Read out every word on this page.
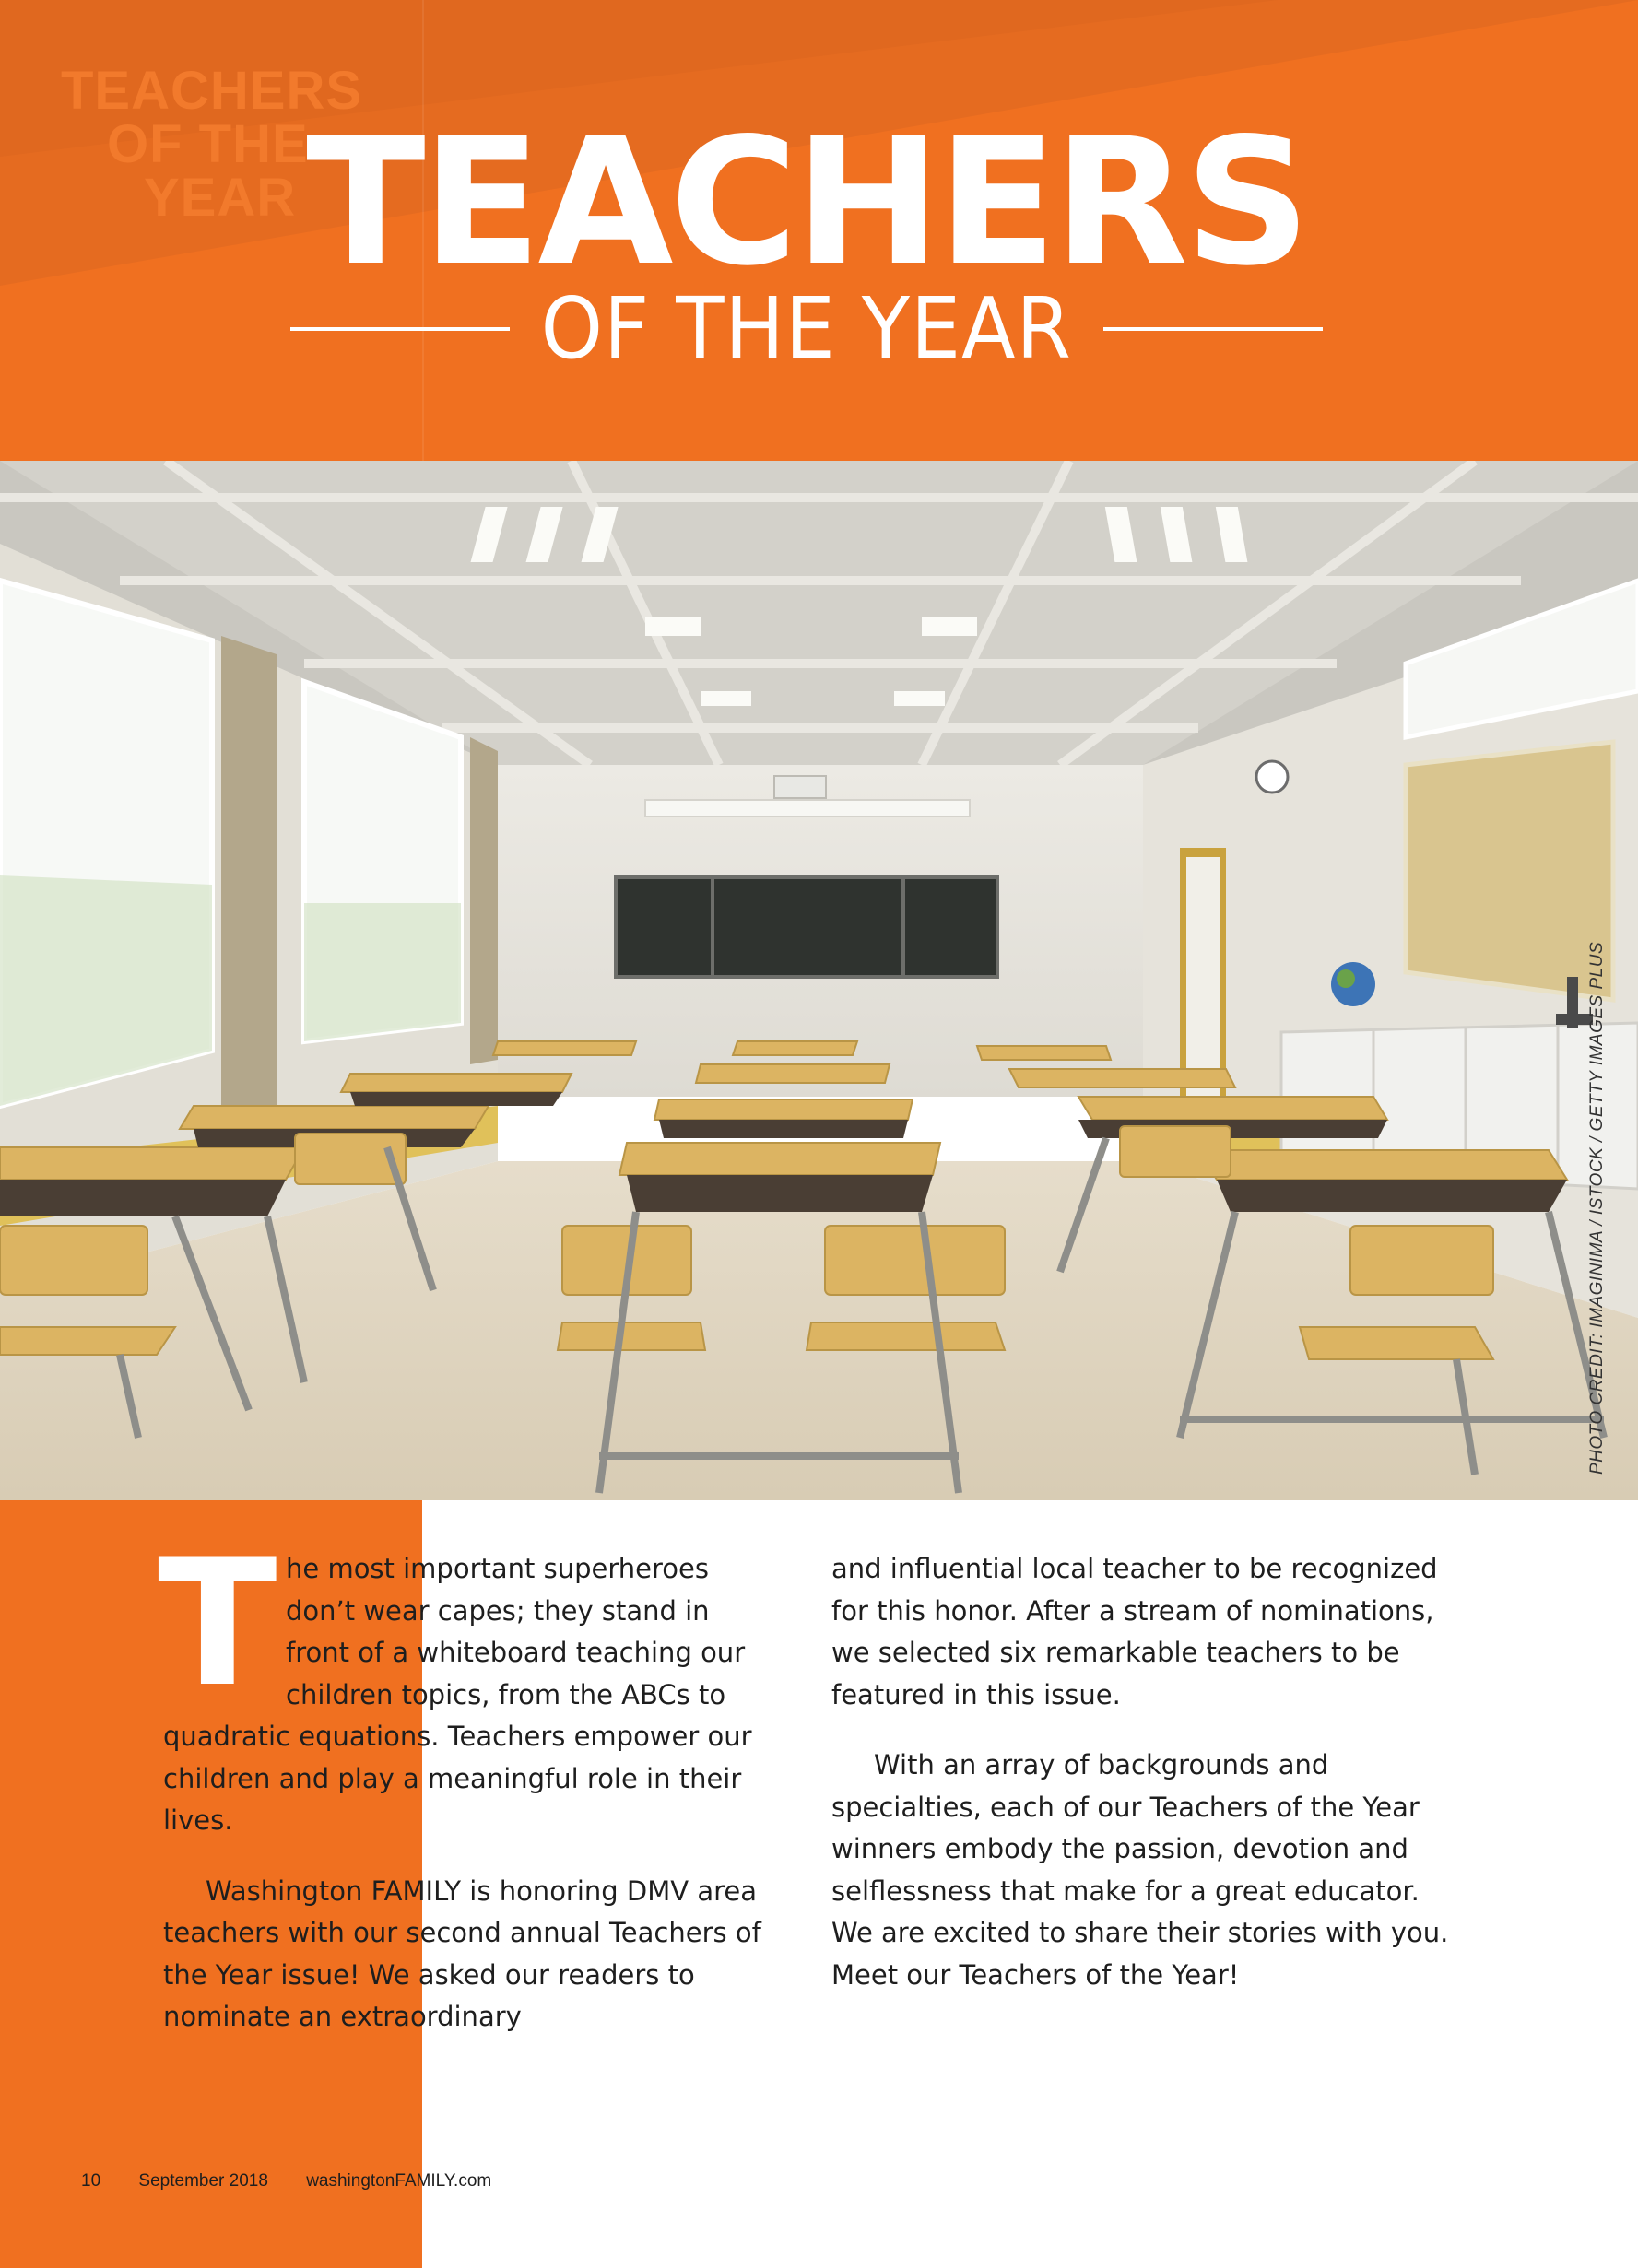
TEACHERS
OF THE
YEAR TEACHERS
OF THE YEAR
PHOTO CREDIT: IMAGINIMA / ISTOCK / GETTY IMAGES PLUS
T he most important superheroes
don’t wear capes; they stand in
front of a whiteboard teaching our
children topics, from the ABCs to
quadratic equations. Teachers empower our children and play a meaningful role in their lives.
Washington FAMILY is honoring DMV area teachers with our second annual Teachers of the Year issue! We asked our readers to nominate an extraordinary
and influential local teacher to be recognized for this honor. After a stream of nominations, we selected six remarkable teachers to be featured in this issue.
With an array of backgrounds and specialties, each of our Teachers of the Year winners embody the passion, devotion and selflessness that make for a great educator. We are excited to share their stories with you. Meet our Teachers of the Year!
10 September 2018 washingtonFAMILY.com
